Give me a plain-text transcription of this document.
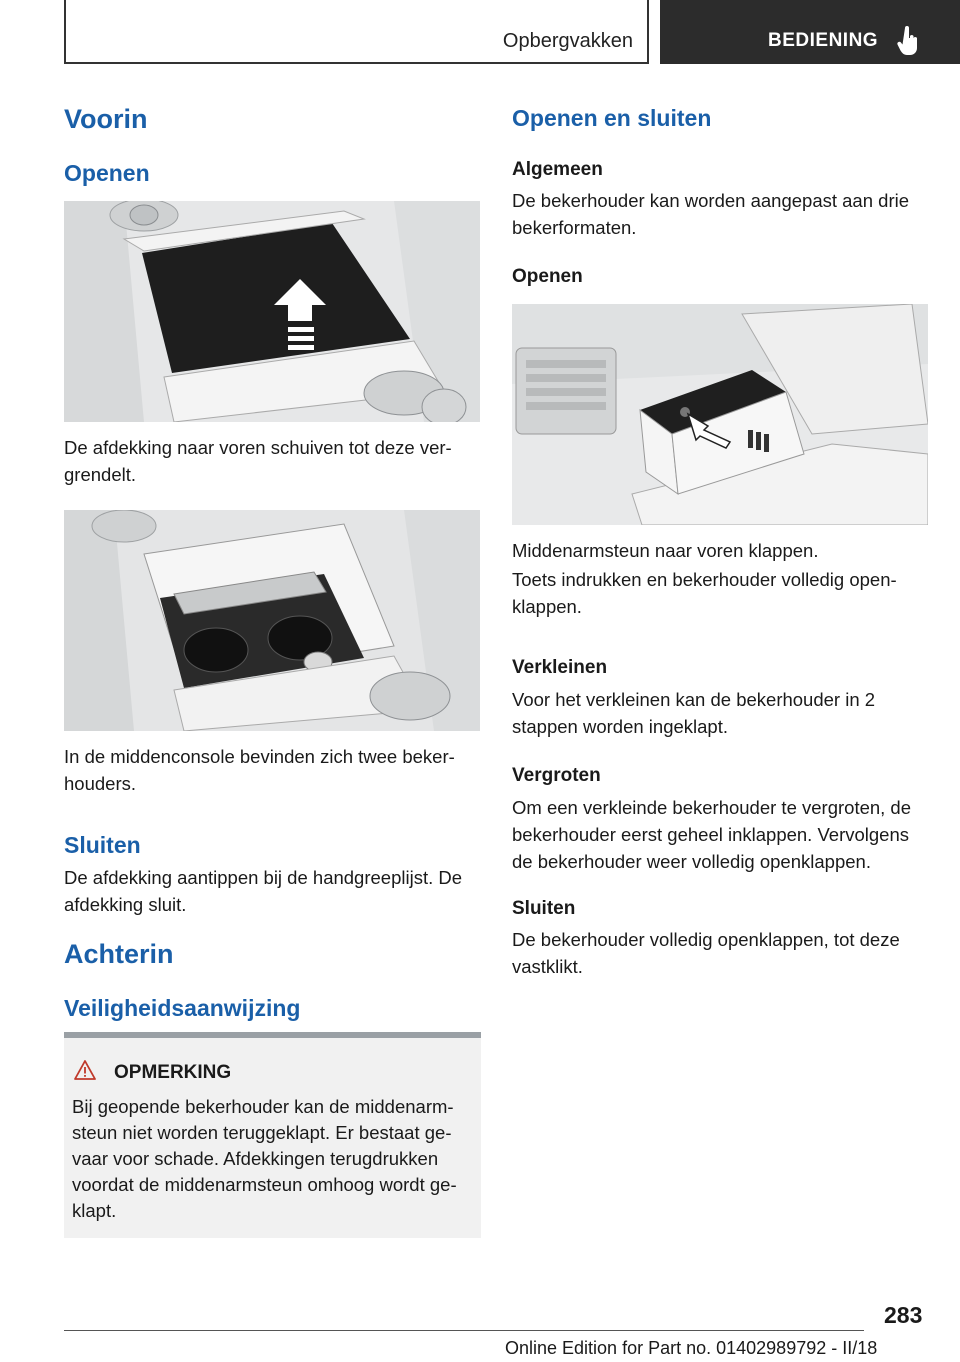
Opbergvakken	BEDIENING
Voorin
Openen
De afdekking naar voren schuiven tot deze ver-grendelt.
In de middenconsole bevinden zich twee beker-houders.
Sluiten
De afdekking aantippen bij de handgreeplijst. De afdekking sluit.
Achterin
Veiligheidsaanwijzing
OPMERKING
Bij geopende bekerhouder kan de middenarm-steun niet worden teruggeklapt. Er bestaat ge-vaar voor schade. Afdekkingen terugdrukken voordat de middenarmsteun omhoog wordt ge-klapt.
Openen en sluiten
Algemeen
De bekerhouder kan worden aangepast aan drie bekerformaten.
Openen
Middenarmsteun naar voren klappen.
Toets indrukken en bekerhouder volledig open-klappen.
Verkleinen
Voor het verkleinen kan de bekerhouder in 2 stappen worden ingeklapt.
Vergroten
Om een verkleinde bekerhouder te vergroten, de bekerhouder eerst geheel inklappen. Vervolgens de bekerhouder weer volledig openklappen.
Sluiten
De bekerhouder volledig openklappen, tot deze vastklikt.
283
Online Edition for Part no. 01402989792 - II/18
